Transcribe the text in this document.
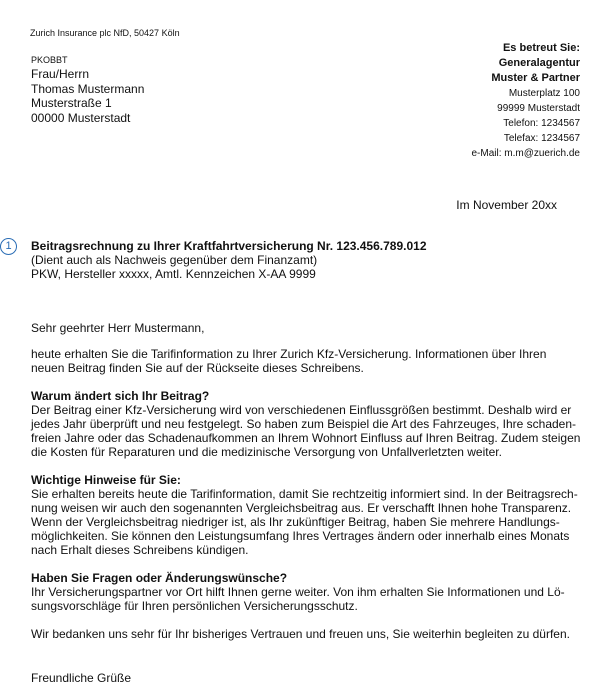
Zurich Insurance plc NfD, 50427 Köln
PKOBBT
Frau/Herrn
Thomas Mustermann
Musterstraße 1
00000 Musterstadt
Es betreut Sie:
Generalagentur
Muster & Partner
Musterplatz 100
99999 Musterstadt
Telefon: 1234567
Telefax: 1234567
e-Mail: m.m@zuerich.de
Im November 20xx
1	Beitragsrechnung zu Ihrer Kraftfahrtversicherung Nr. 123.456.789.012
(Dient auch als Nachweis gegenüber dem Finanzamt)
PKW, Hersteller xxxxx, Amtl. Kennzeichen X-AA 9999

Sehr geehrter Herr Mustermann,

heute erhalten Sie die Tarifinformation zu Ihrer Zurich Kfz-Versicherung. Informationen über Ihren

neuen Beitrag finden Sie auf der Rückseite dieses Schreibens.

Warum ändert sich Ihr Beitrag?

Der Beitrag einer Kfz-Versicherung wird von verschiedenen Einflussgrößen bestimmt. Deshalb wird er

jedes Jahr überprüft und neu festgelegt. So haben zum Beispiel die Art des Fahrzeuges, Ihre schaden-

freien Jahre oder das Schadenaufkommen an Ihrem Wohnort Einfluss auf Ihren Beitrag. Zudem steigen

die Kosten für Reparaturen und die medizinische Versorgung von Unfallverletzten weiter.

Wichtige Hinweise für Sie:

Sie erhalten bereits heute die Tarifinformation, damit Sie rechtzeitig informiert sind. In der Beitragsrech-

nung weisen wir auch den sogenannten Vergleichsbeitrag aus. Er verschafft Ihnen hohe Transparenz.

Wenn der Vergleichsbeitrag niedriger ist, als Ihr zukünftiger Beitrag, haben Sie mehrere Handlungs-

möglichkeiten. Sie können den Leistungsumfang Ihres Vertrages ändern oder innerhalb eines Monats

nach Erhalt dieses Schreibens kündigen.

Haben Sie Fragen oder Änderungswünsche?

Ihr Versicherungspartner vor Ort hilft Ihnen gerne weiter. Von ihm erhalten Sie Informationen und Lö-

sungsvorschläge für Ihren persönlichen Versicherungsschutz.

Wir bedanken uns sehr für Ihr bisheriges Vertrauen und freuen uns, Sie weiterhin begleiten zu dürfen.

Freundliche Grüße
